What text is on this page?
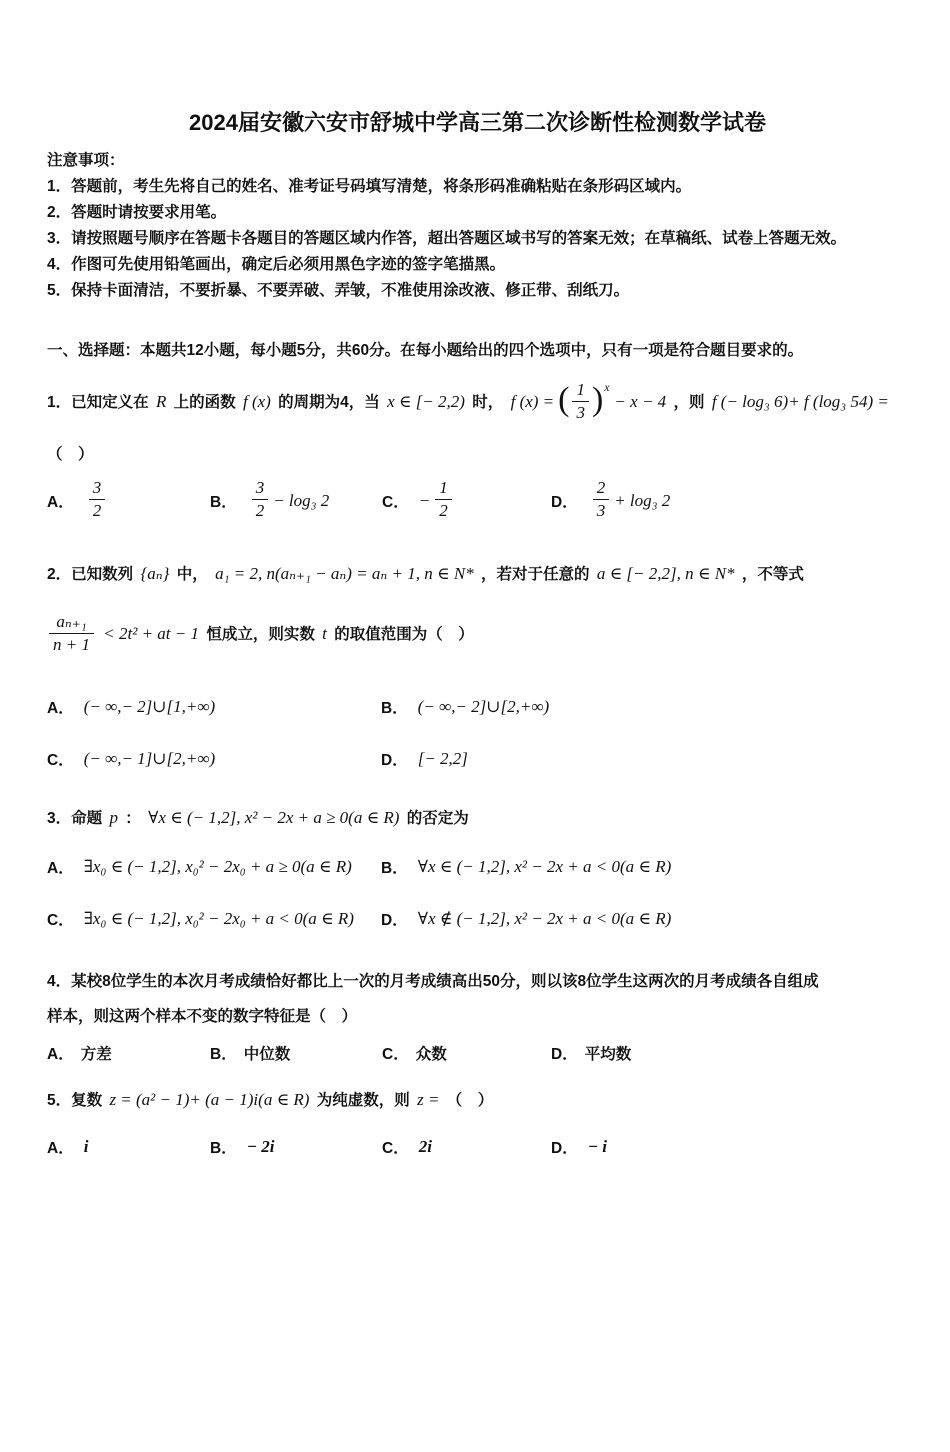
2024届安徽六安市舒城中学高三第二次诊断性检测数学试卷
注意事项：
1．答题前，考生先将自己的姓名、准考证号码填写清楚，将条形码准确粘贴在条形码区域内。
2．答题时请按要求用笔。
3．请按照题号顺序在答题卡各题目的答题区域内作答，超出答题区域书写的答案无效；在草稿纸、试卷上答题无效。
4．作图可先使用铅笔画出，确定后必须用黑色字迹的签字笔描黑。
5．保持卡面清洁，不要折暴、不要弄破、弄皱，不准使用涂改液、修正带、刮纸刀。
一、选择题：本题共12小题，每小题5分，共60分。在每小题给出的四个选项中，只有一项是符合题目要求的。
1．已知定义在 R 上的函数 f (x) 的周期为4，当 x ∈ [− 2,2) 时， f (x) = ( $\frac{1}{3} )^x- x - 4$ ，则 f (− log₃ 6)+ f (log₃ 54) =
（　）
A． $\frac{3}{2}$	B． $\frac{3}{2} - \log_3$ 2	C． − $\frac{1}{2}$	D． $\frac{2}{3} + \log_3$ 2
2．已知数列 {aₙ} 中， a₁ = 2, n(aₙ₊₁ − aₙ) = aₙ + 1, n ∈ N* ，若对于任意的 a ∈ [− 2,2], n ∈ N* ，不等式
$\frac{\text{aₙ₊₁}}{n + 1} < 2t^2$ + at − 1 恒成立，则实数 t 的取值范围为（　）
A． (− ∞,− 2]∪[1,+∞)	B． (− ∞,− 2]∪[2,+∞)
C． (− ∞,− 1]∪[2,+∞)	D． [− 2,2]
3．命题 p ： ∀x ∈ (− 1,2], x² − 2x + a ≥ 0(a ∈ R) 的否定为
A． ∃x₀ ∈ (− 1,2], x₀² − 2x₀ + a ≥ 0(a ∈ R) B． ∀x ∈ (− 1,2], x² − 2x + a < 0(a ∈ R)
C． ∃x₀ ∈ (− 1,2], x₀² − 2x₀ + a < 0(a ∈ R) D． ∀x ∉ (− 1,2], x² − 2x + a < 0(a ∈ R)
4．某校8位学生的本次月考成绩恰好都比上一次的月考成绩高出50分，则以该8位学生这两次的月考成绩各自组成
样本，则这两个样本不变的数字特征是（　）
A． 方差	B． 中位数	C． 众数	D． 平均数
5．复数 z = (a² − 1)+ (a − 1)i(a ∈ R) 为纯虚数，则 z = （　）
A． i	B． − 2i	C． 2i	D． − i
